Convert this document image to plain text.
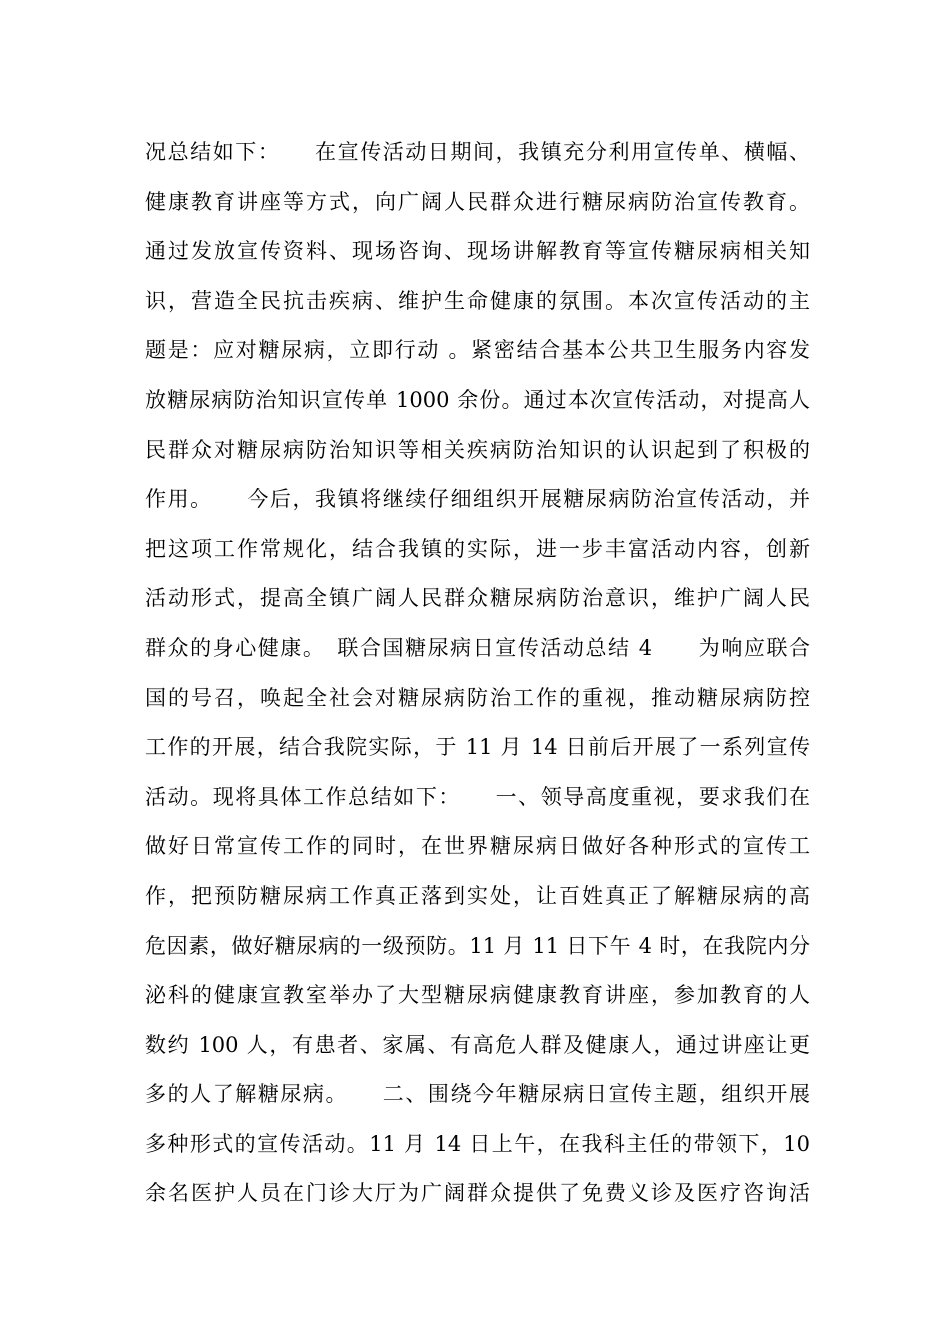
况总结如下：　　在宣传活动日期间，我镇充分利用宣传单、横幅、
健康教育讲座等方式，向广阔人民群众进行糖尿病防治宣传教育。
通过发放宣传资料、现场咨询、现场讲解教育等宣传糖尿病相关知
识，营造全民抗击疾病、维护生命健康的氛围。本次宣传活动的主
题是：应对糖尿病，立即行动 。紧密结合基本公共卫生服务内容发
放糖尿病防治知识宣传单 1000 余份。通过本次宣传活动，对提高人
民群众对糖尿病防治知识等相关疾病防治知识的认识起到了积极的
作用。　　今后，我镇将继续仔细组织开展糖尿病防治宣传活动，并
把这项工作常规化，结合我镇的实际，进一步丰富活动内容，创新
活动形式，提高全镇广阔人民群众糖尿病防治意识，维护广阔人民
群众的身心健康。　联合国糖尿病日宣传活动总结 4　　为响应联合
国的号召，唤起全社会对糖尿病防治工作的重视，推动糖尿病防控
工作的开展，结合我院实际，于 11 月 14 日前后开展了一系列宣传
活动。现将具体工作总结如下：　　一、领导高度重视，要求我们在
做好日常宣传工作的同时，在世界糖尿病日做好各种形式的宣传工
作，把预防糖尿病工作真正落到实处，让百姓真正了解糖尿病的高
危因素，做好糖尿病的一级预防。11 月 11 日下午 4 时，在我院内分
泌科的健康宣教室举办了大型糖尿病健康教育讲座，参加教育的人
数约 100 人，有患者、家属、有高危人群及健康人，通过讲座让更
多的人了解糖尿病。　　二、围绕今年糖尿病日宣传主题，组织开展
多种形式的宣传活动。11 月 14 日上午，在我科主任的带领下，10
余名医护人员在门诊大厅为广阔群众提供了免费义诊及医疗咨询活
